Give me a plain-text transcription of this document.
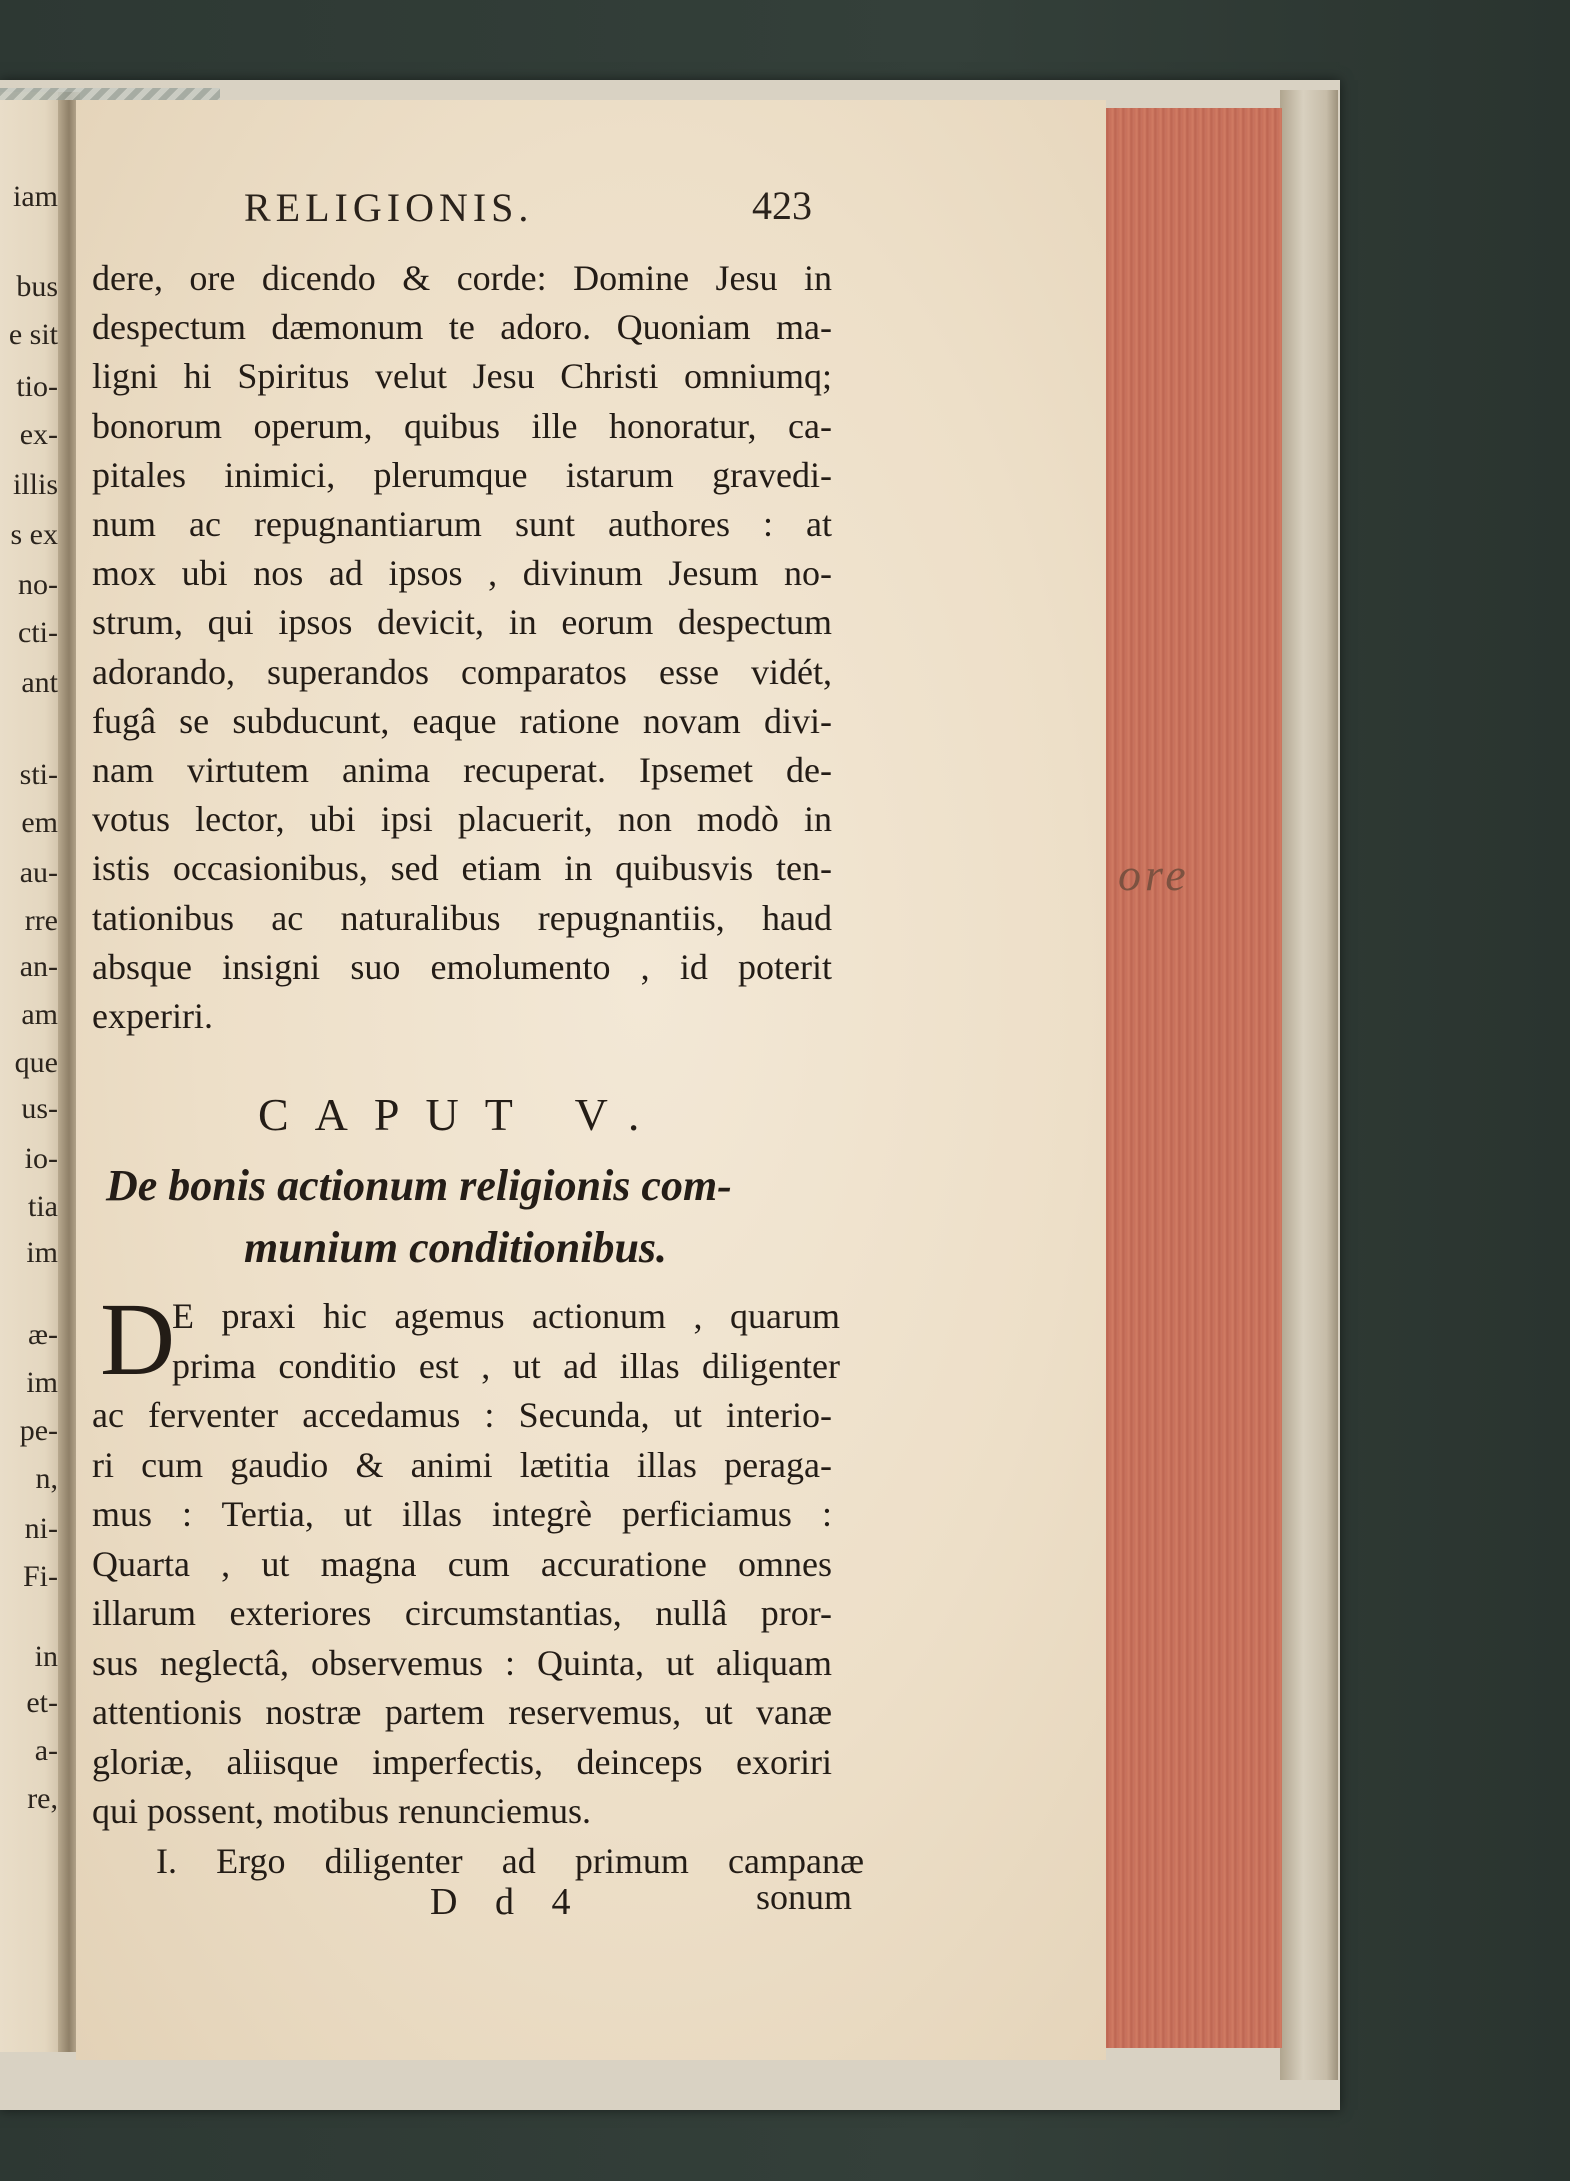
ore
iam
bus
e sit
tio-
ex-
illis
s ex
no-
cti-
ant
sti-
em
au-
rre
an-
am
que
us-
io-
tia
im
æ-
im
pe-
n,
ni-
Fi-
in
et-
a-
re,
RELIGIONIS.	423
dere, ore dicendo & corde: Domine Jesu in
despectum dæmonum te adoro. Quoniam ma-
ligni hi Spiritus velut Jesu Christi omniumq;
bonorum operum, quibus ille honoratur, ca-
pitales inimici, plerumque istarum gravedi-
num ac repugnantiarum sunt authores : at
mox ubi nos ad ipsos , divinum Jesum no-
strum, qui ipsos devicit, in eorum despectum
adorando, superandos comparatos esse vidét,
fugâ se subducunt, eaque ratione novam divi-
nam virtutem anima recuperat. Ipsemet de-
votus lector, ubi ipsi placuerit, non modò in
istis occasionibus, sed etiam in quibusvis ten-
tationibus ac naturalibus repugnantiis, haud
absque insigni suo emolumento , id poterit
experiri.
CAPUT V.
De bonis actionum religionis com-
munium conditionibus.
D
E praxi hic agemus actionum , quarum
prima conditio est , ut ad illas diligenter
ac ferventer accedamus : Secunda, ut interio-
ri cum gaudio & animi lætitia illas peraga-
mus : Tertia, ut illas integrè perficiamus :
Quarta , ut magna cum accuratione omnes
illarum exteriores circumstantias, nullâ pror-
sus neglectâ, observemus : Quinta, ut aliquam
attentionis nostræ partem reservemus, ut vanæ
gloriæ, aliisque imperfectis, deinceps exoriri
qui possent, motibus renunciemus.
I. Ergo diligenter ad primum campanæ
D d 4	sonum
